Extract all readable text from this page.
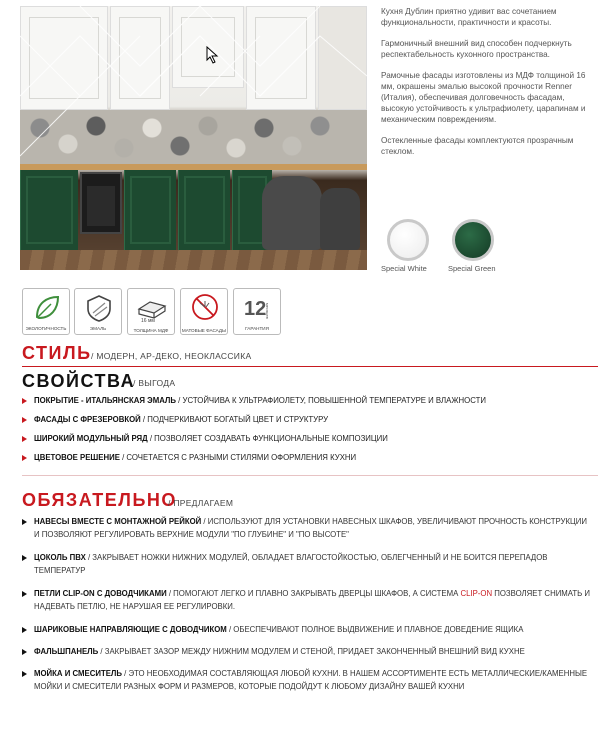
Кухня Дублин приятно удивит вас сочетанием функциональности, практичности и красоты.

Гармоничный внешний вид способен подчеркнуть респектабельность кухонного пространства.

Рамочные фасады изготовлены из МДФ толщиной 16 мм, окрашены эмалью высокой прочности Renner (Италия), обеспечивая долговечность фасадам, высокую устойчивость к ультрафиолету, царапинам и механическим повреждениям.

Остекленные фасады комплектуются прозрачным стеклом.

Special White	Special Green
ЭКОЛОГИЧНОСТЬ	ЭМАЛЬ
16 мм
ТОЛЩИНА МДФ	МАТОВЫЕ ФАСАДЫ
12
месяцев
ГАРАНТИЯ
СТИЛЬ / МОДЕРН, АР-ДЕКО, НЕОКЛАССИКА
СВОЙСТВА
/ ВЫГОДА
ПОКРЫТИЕ - ИТАЛЬЯНСКАЯ ЭМАЛЬ / УСТОЙЧИВА К УЛЬТРАФИОЛЕТУ, ПОВЫШЕННОЙ ТЕМПЕРАТУРЕ И ВЛАЖНОСТИ
ФАСАДЫ С ФРЕЗЕРОВКОЙ / ПОДЧЕРКИВАЮТ БОГАТЫЙ ЦВЕТ И СТРУКТУРУ
ШИРОКИЙ МОДУЛЬНЫЙ РЯД / ПОЗВОЛЯЕТ СОЗДАВАТЬ ФУНКЦИОНАЛЬНЫЕ КОМПОЗИЦИИ
ЦВЕТОВОЕ РЕШЕНИЕ / СОЧЕТАЕТСЯ С РАЗНЫМИ СТИЛЯМИ ОФОРМЛЕНИЯ КУХНИ
ОБЯЗАТЕЛЬНО
/ ПРЕДЛАГАЕМ
НАВЕСЫ ВМЕСТЕ С МОНТАЖНОЙ РЕЙКОЙ / ИСПОЛЬЗУЮТ ДЛЯ УСТАНОВКИ НАВЕСНЫХ ШКАФОВ, УВЕЛИЧИВАЮТ ПРОЧНОСТЬ КОНСТРУКЦИИ И ПОЗВОЛЯЮТ РЕГУЛИРОВАТЬ ВЕРХНИЕ МОДУЛИ "ПО ГЛУБИНЕ" И "ПО ВЫСОТЕ"
ЦОКОЛЬ ПВХ / ЗАКРЫВАЕТ НОЖКИ НИЖНИХ МОДУЛЕЙ, ОБЛАДАЕТ ВЛАГОСТОЙКОСТЬЮ, ОБЛЕГЧЕННЫЙ И НЕ БОИТСЯ ПЕРЕПАДОВ ТЕМПЕРАТУР
ПЕТЛИ CLIP-ON С ДОВОДЧИКАМИ / ПОМОГАЮТ ЛЕГКО И ПЛАВНО ЗАКРЫВАТЬ ДВЕРЦЫ ШКАФОВ, А СИСТЕМА CLIP-ON ПОЗВОЛЯЕТ СНИМАТЬ И НАДЕВАТЬ ПЕТЛЮ, НЕ НАРУШАЯ ЕЕ РЕГУЛИРОВКИ.
ШАРИКОВЫЕ НАПРАВЛЯЮЩИЕ С ДОВОДЧИКОМ / ОБЕСПЕЧИВАЮТ ПОЛНОЕ ВЫДВИЖЕНИЕ И ПЛАВНОЕ ДОВЕДЕНИЕ ЯЩИКА
ФАЛЬШПАНЕЛЬ / ЗАКРЫВАЕТ ЗАЗОР МЕЖДУ НИЖНИМ МОДУЛЕМ И СТЕНОЙ, ПРИДАЕТ ЗАКОНЧЕННЫЙ ВНЕШНИЙ ВИД КУХНЕ
МОЙКА И СМЕСИТЕЛЬ / ЭТО НЕОБХОДИМАЯ СОСТАВЛЯЮЩАЯ ЛЮБОЙ КУХНИ. В НАШЕМ АССОРТИМЕНТЕ ЕСТЬ МЕТАЛЛИЧЕСКИЕ/КАМЕННЫЕ МОЙКИ И СМЕСИТЕЛИ РАЗНЫХ ФОРМ И РАЗМЕРОВ, КОТОРЫЕ ПОДОЙДУТ К ЛЮБОМУ ДИЗАЙНУ ВАШЕЙ КУХНИ
